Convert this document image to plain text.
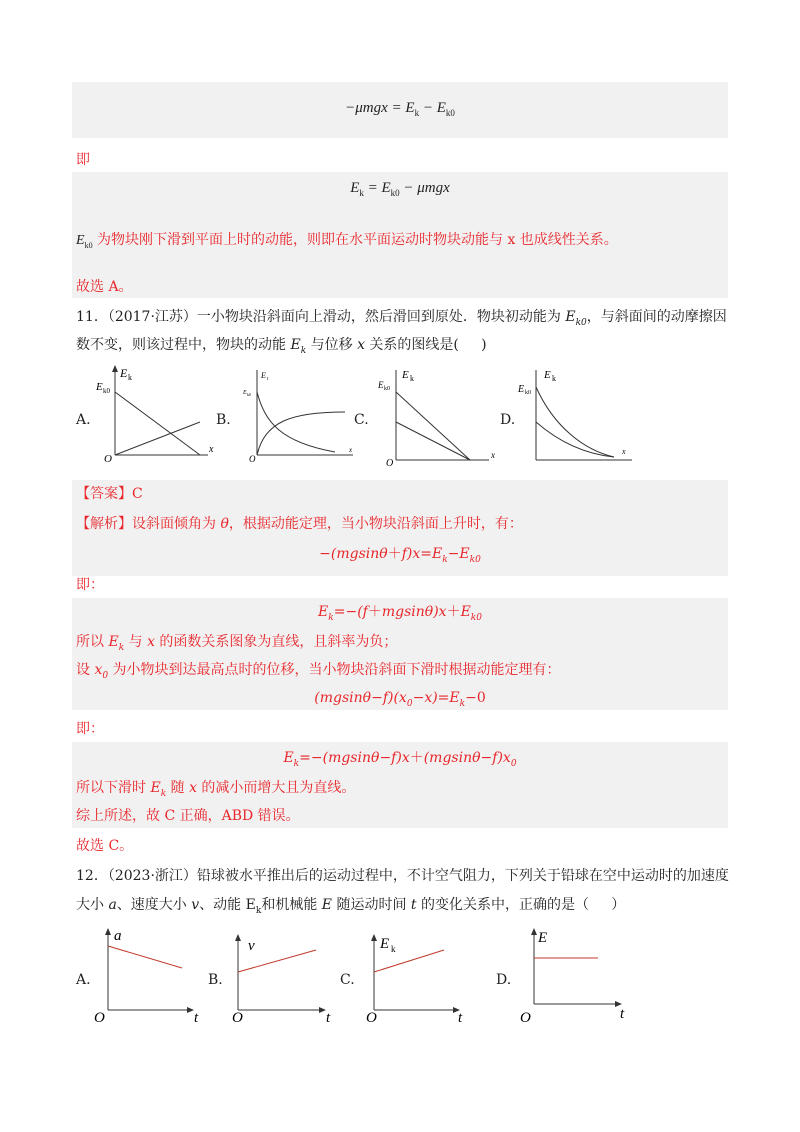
$-\mu mgx = E_k - E_{k0}$
即
$E_k = E_{k0} - \mu mgx$
$E_{k0}$ 为物块刚下滑到平面上时的动能，则即在水平面运动时物块动能与 x 也成线性关系。
故选 A。
11．（2017·江苏）一小物块沿斜面向上滑动，然后滑回到原处．物块初动能为 $E_{k0}$，与斜面间的动摩擦因
数不变，则该过程中，物块的动能 $E_k$ 与位移 x 关系的图线是(     )
A.
E k
E k0
O
x
B.
E t
E k0
O
x
C.
E k
E k0
O
x
D.
E k
E k0
x
【答案】C
【解析】设斜面倾角为 θ，根据动能定理，当小物块沿斜面上升时，有：
$-(mgsin\theta+f)x=E_k-E_{k0}$
即：
$E_k=-(f+mgsin\theta)x+E_{k0}$
所以 $E_k$ 与 x 的函数关系图象为直线，且斜率为负；
设 $x_0$ 为小物块到达最高点时的位移，当小物块沿斜面下滑时根据动能定理有：
$(mgsin\theta-f)(x_0-x)=E_k-0$
即：
$E_k=-(mgsin\theta-f)x+(mgsin\theta-f)x_0$
所以下滑时 $E_k$ 随 x 的减小而增大且为直线。
综上所述，故 C 正确，ABD 错误。
故选 C。
12．（2023·浙江）铅球被水平推出后的运动过程中，不计空气阻力，下列关于铅球在空中运动时的加速度
大小 a、速度大小 v、动能 $E_k$和机械能 E 随运动时间 t 的变化关系中，正确的是（     ）
A.
a
O	t
B.
v
O	t
C.
E k
O	t
D.
E
O	t
